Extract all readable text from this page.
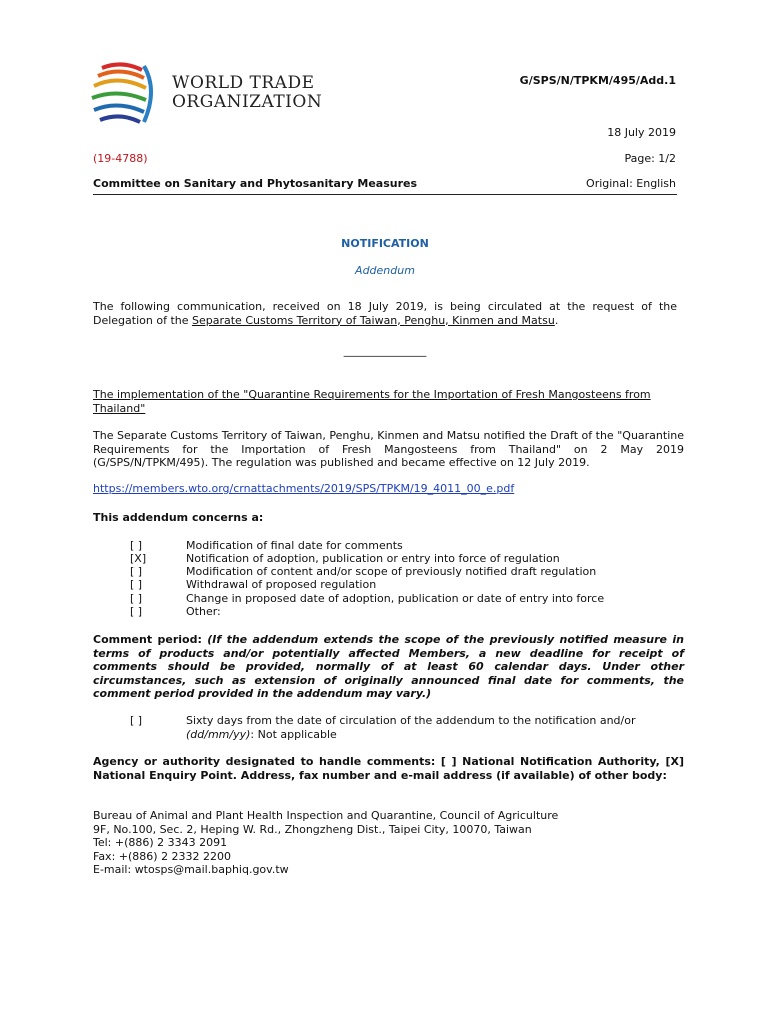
WORLD TRADE
ORGANIZATION
G/SPS/N/TPKM/495/Add.1
18 July 2019
(19-4788)	Page: 1/2
Committee on Sanitary and Phytosanitary Measures	Original: English
NOTIFICATION
Addendum
The following communication, received on 18 July 2019, is being circulated at the request of the Delegation of the Separate Customs Territory of Taiwan, Penghu, Kinmen and Matsu.
_______________
The implementation of the "Quarantine Requirements for the Importation of Fresh Mangosteens from Thailand"
The Separate Customs Territory of Taiwan, Penghu, Kinmen and Matsu notified the Draft of the "Quarantine Requirements for the Importation of Fresh Mangosteens from Thailand" on 2 May 2019 (G/SPS/N/TPKM/495). The regulation was published and became effective on 12 July 2019.
https://members.wto.org/crnattachments/2019/SPS/TPKM/19_4011_00_e.pdf
This addendum concerns a:
[ ]	Modification of final date for comments
[X]	Notification of adoption, publication or entry into force of regulation
[ ]	Modification of content and/or scope of previously notified draft regulation
[ ]	Withdrawal of proposed regulation
[ ]	Change in proposed date of adoption, publication or date of entry into force
[ ]	Other:
Comment period: (If the addendum extends the scope of the previously notified measure in terms of products and/or potentially affected Members, a new deadline for receipt of comments should be provided, normally of at least 60 calendar days. Under other circumstances, such as extension of originally announced final date for comments, the comment period provided in the addendum may vary.)
[ ]	Sixty days from the date of circulation of the addendum to the notification and/or
(dd/mm/yy): Not applicable
Agency or authority designated to handle comments: [ ] National Notification Authority, [X] National Enquiry Point. Address, fax number and e-mail address (if available) of other body:
Bureau of Animal and Plant Health Inspection and Quarantine, Council of Agriculture
9F, No.100, Sec. 2, Heping W. Rd., Zhongzheng Dist., Taipei City, 10070, Taiwan
Tel: +(886) 2 3343 2091
Fax: +(886) 2 2332 2200
E-mail: wtosps@mail.baphiq.gov.tw
